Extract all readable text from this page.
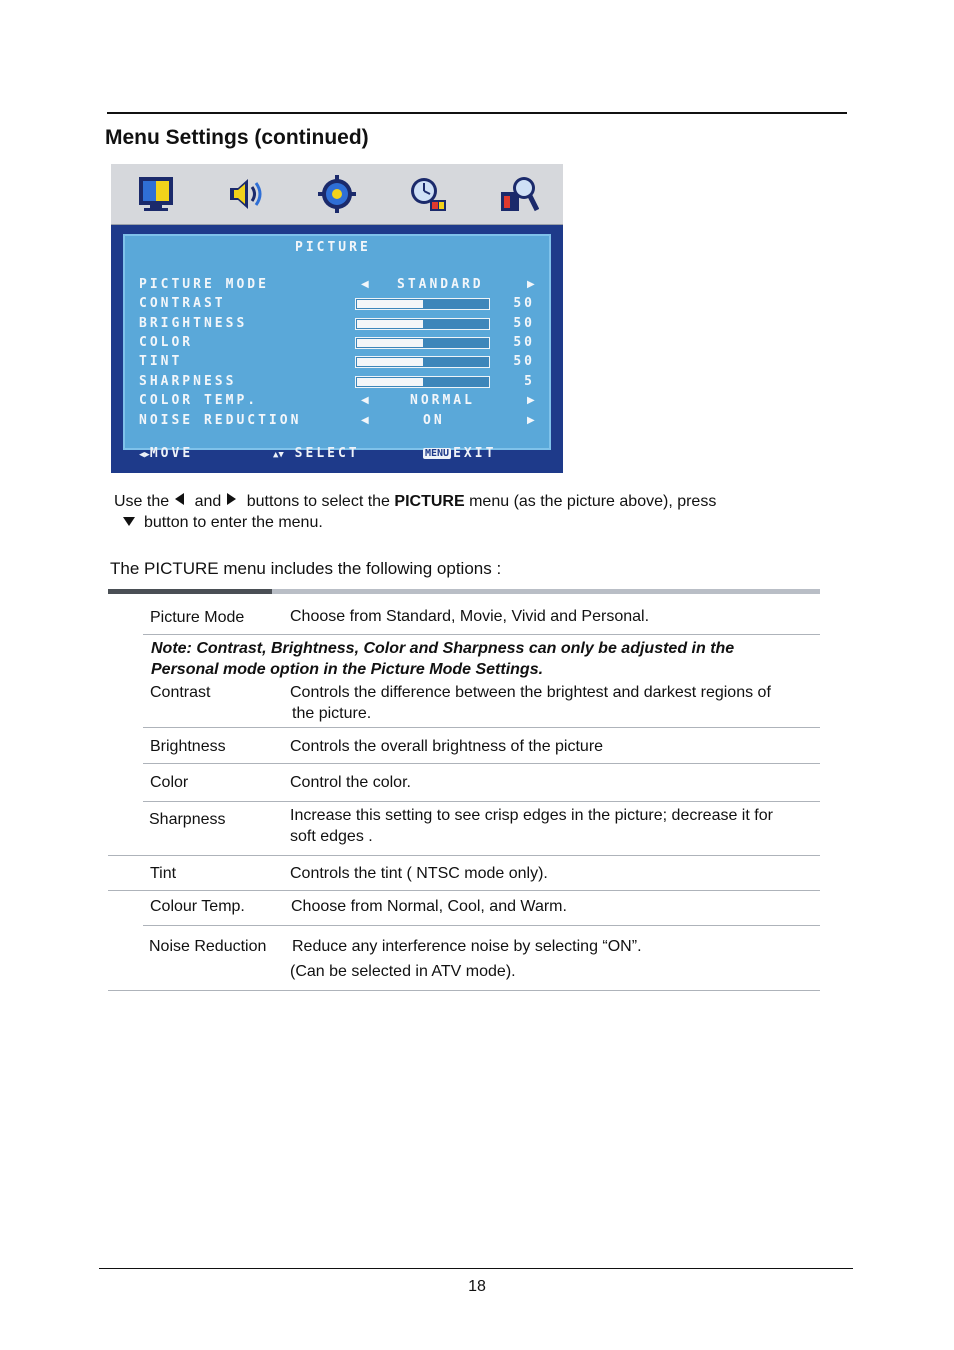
Menu Settings (continued)
PICTURE
PICTURE MODE	◀ STANDARD	▶
CONTRAST	50
BRIGHTNESS	50
COLOR	50
TINT	50
SHARPNESS	5
COLOR TEMP.	◀	NORMAL	▶
NOISE REDUCTION	◀	ON	▶
◀▶MOVE	▲▼ SELECT	MENU EXIT
Use the and buttons to select the PICTURE menu (as the picture above), press
button to enter the menu.
The PICTURE menu includes the following options :
Picture Mode	Choose from Standard, Movie, Vivid and Personal.
Note: Contrast, Brightness, Color and Sharpness can only be adjusted in the
Personal mode option in the Picture Mode Settings.
Contrast	Controls the difference between the brightest and darkest regions of
the picture.
Brightness	Controls the overall brightness of the picture
Color	Control the color.
Sharpness	Increase this setting to see crisp edges in the picture; decrease it for
soft edges .
Tint	Controls the tint ( NTSC mode only).
Colour Temp.	Choose from Normal, Cool, and Warm.
Noise Reduction Reduce any interference noise by selecting “ON”.
(Can be selected in ATV mode).
18
